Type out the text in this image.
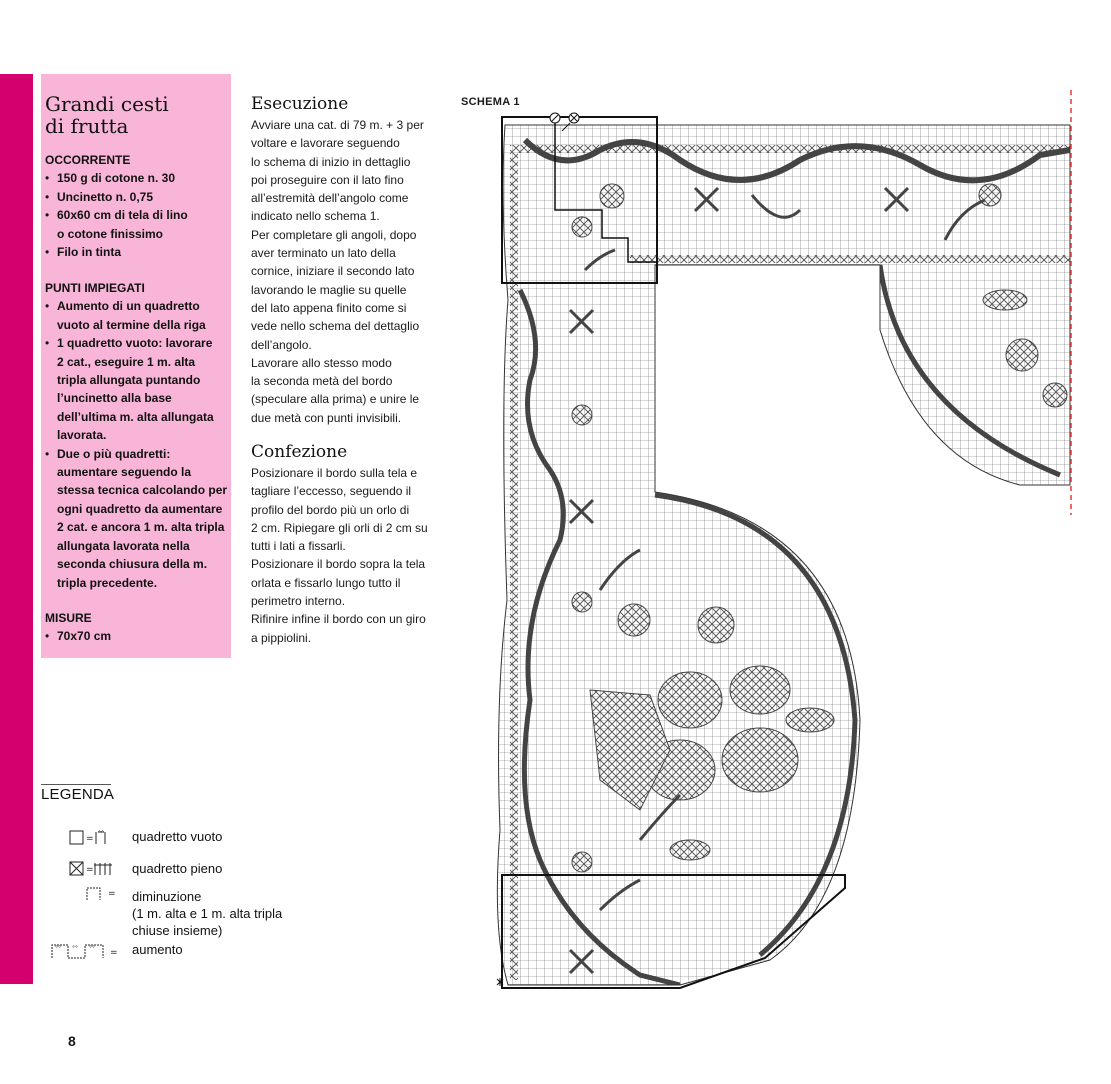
Grandi cesti
di frutta

OCCORRENTE

• 150 g di cotone n. 30
• Uncinetto n. 0,75
• 60x60 cm di tela di lino
o cotone finissimo
• Filo in tinta

PUNTI IMPIEGATI

• Aumento di un quadretto
vuoto al termine della riga
• 1 quadretto vuoto: lavorare
2 cat., eseguire 1 m. alta
tripla allungata puntando
l’uncinetto alla base
dell’ultima m. alta allungata
lavorata.
• Due o più quadretti:
aumentare seguendo la
stessa tecnica calcolando per
ogni quadretto da aumentare
2 cat. e ancora 1 m. alta tripla
allungata lavorata nella
seconda chiusura della m.
tripla precedente.

MISURE

• 70x70 cm
Esecuzione

Avviare una cat. di 79 m. + 3 per

voltare e lavorare seguendo

lo schema di inizio in dettaglio

poi proseguire con il lato fino

all’estremità dell’angolo come

indicato nello schema 1.

Per completare gli angoli, dopo

aver terminato un lato della

cornice, iniziare il secondo lato

lavorando le maglie su quelle

del lato appena finito come si

vede nello schema del dettaglio

dell’angolo.

Lavorare allo stesso modo

la seconda metà del bordo

(speculare alla prima) e unire le

due metà con punti invisibili.

Confezione

Posizionare il bordo sulla tela e

tagliare l’eccesso, seguendo il

profilo del bordo più un orlo di

2 cm. Ripiegare gli orli di 2 cm su

tutti i lati a fissarli.

Posizionare il bordo sopra la tela

orlata e fissarlo lungo tutto il

perimetro interno.

Rifinire infine il bordo con un giro

a pippiolini.

LEGENDA
=
°° quadretto vuoto
=	quadretto pieno
= diminuzione
(1 m. alta e 1 m. alta tripla
chiuse insieme)
°° °° °° = aumento
8
SCHEMA 1
